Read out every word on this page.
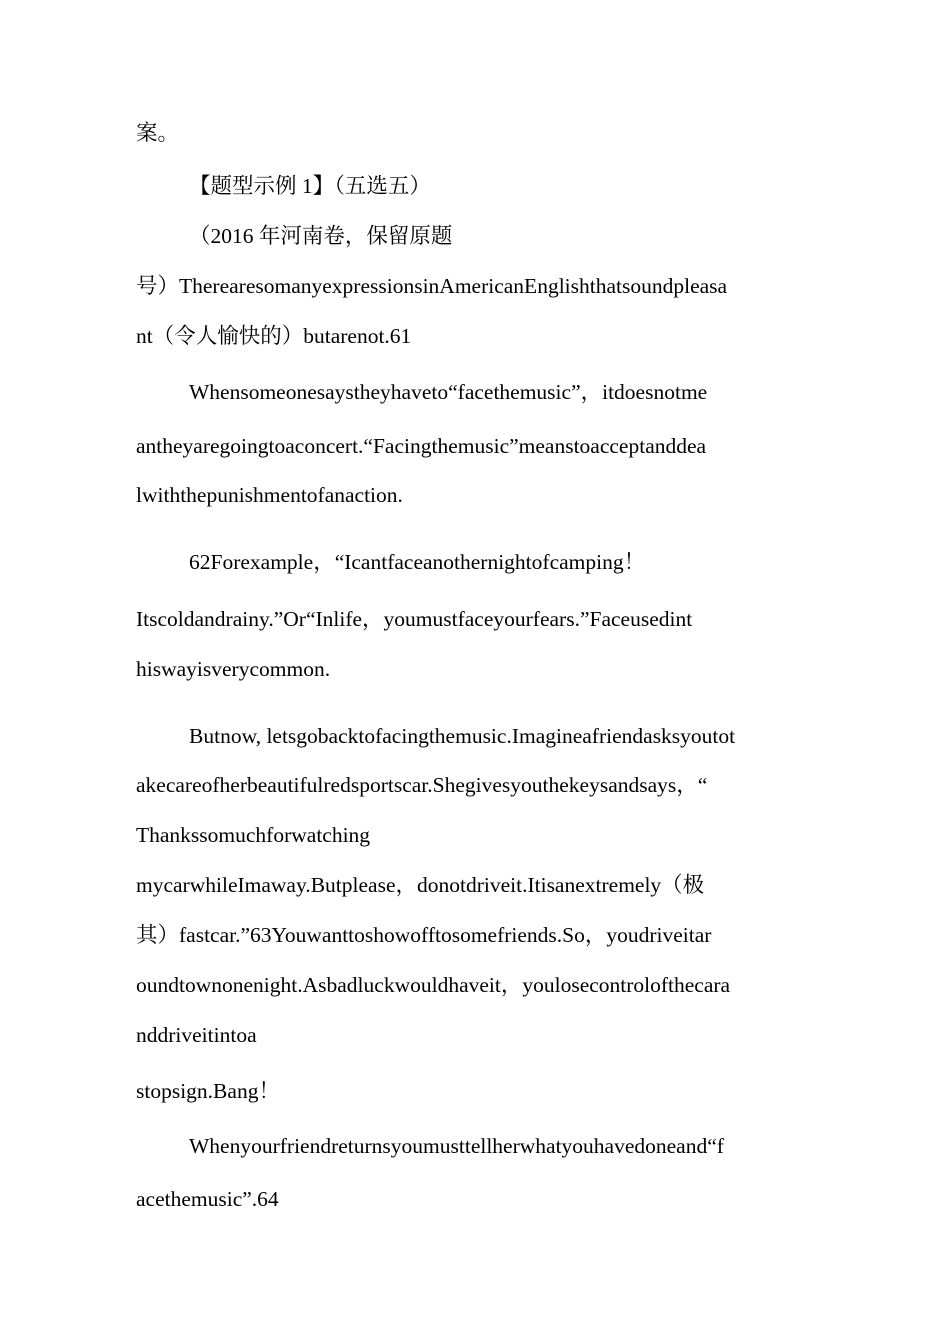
案。
【题型示例 1】（五选五）
（2016 年河南卷，保留原题
号）Therearesomanyexpressions​inAmericanEnglishthatsoundpleasa
nt（令人愉快的）butarenot.61
Whensomeonesaystheyhaveto“facethemusic”，itdoesnotme
antheyaregoingtoaconcert.“Facingthemusic”meanstoacceptanddea
lwiththepunishmentofanaction.
62Forexample，“Icantfaceanothernightofcamping！
Itscoldandrainy.”Or“Inlife，youmustfaceyourfears.”Faceusedint
hiswayisverycommon.
Butnow, letsgobacktofacingthemusic.Imagineafriendasksyoutot
akecareofherbeautifulredsportscar.Shegivesyouthekeysandsays，“
Thankssomuchforwatching
mycarwhileImaway.Butplease，donotdriveit.Itisanextremely（极
其）fastcar.”63Youwanttoshowofftosomefriends.So，youdriveitar
oundtownonenight.Asbadluckwouldhaveit，youlosecontrolofthecara
nddriveitintoa
stopsign.Bang！
Whenyourfriendreturnsyoumusttellherwhatyouhavedoneand“f
acethemusic”.64
